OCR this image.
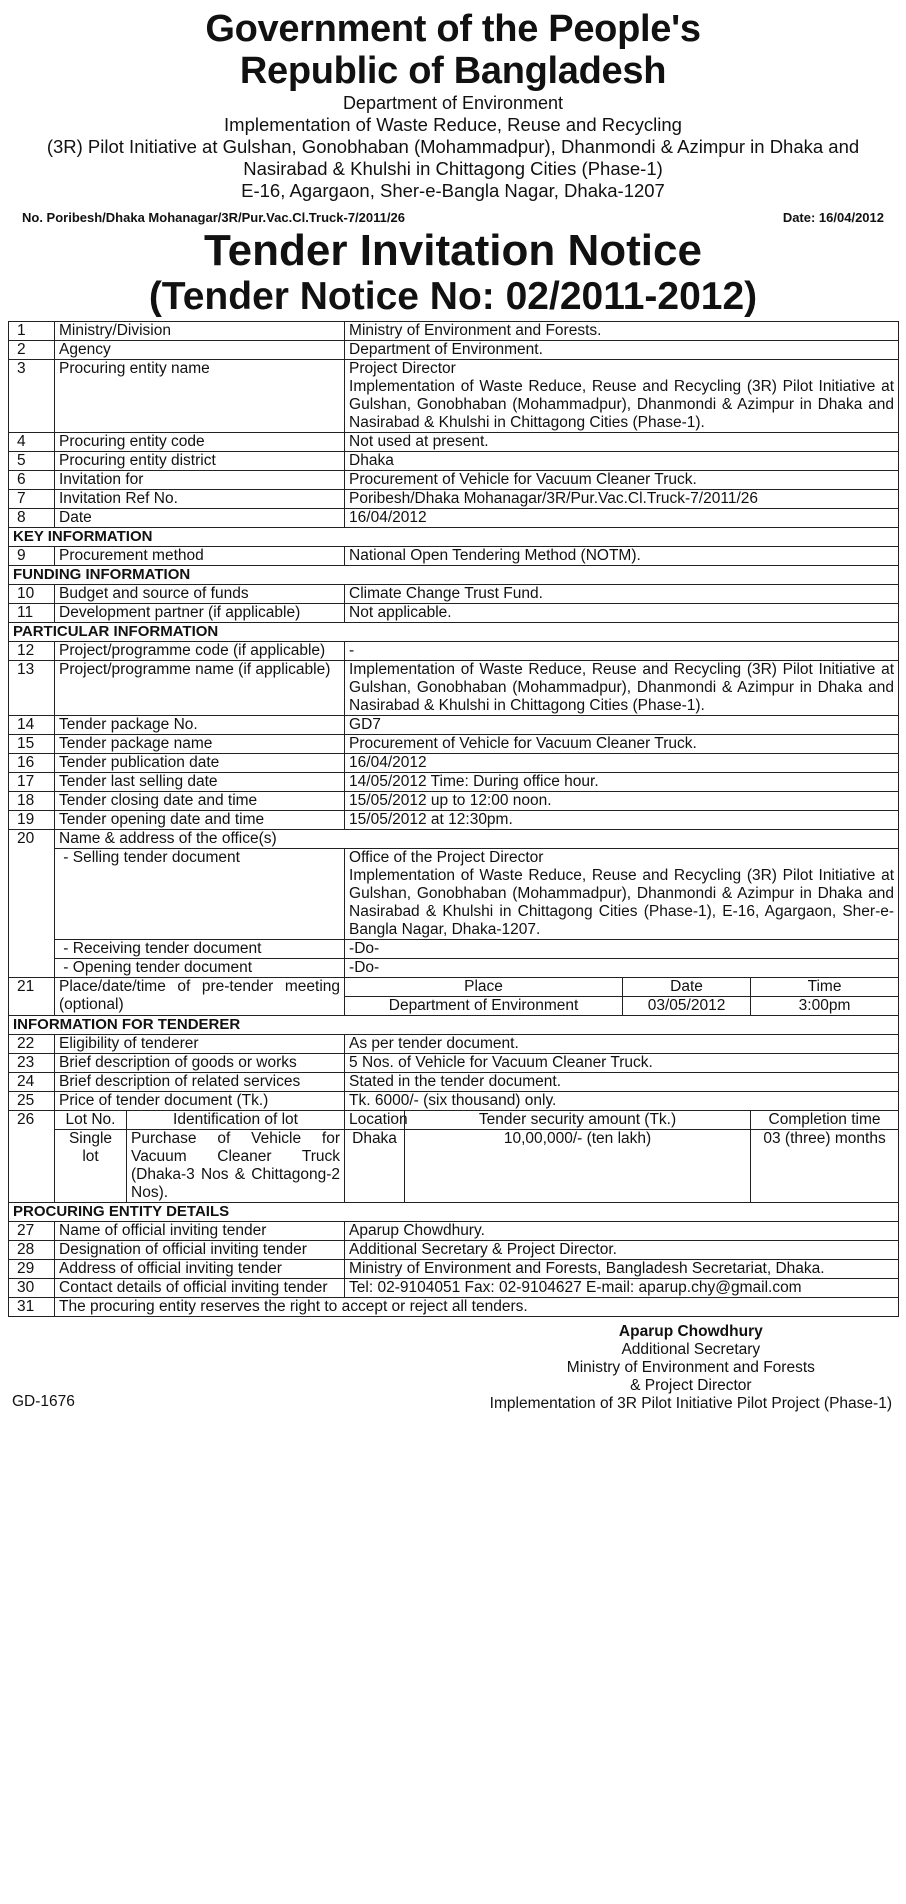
Government of the People's
Republic of Bangladesh
Department of Environment
Implementation of Waste Reduce, Reuse and Recycling
(3R) Pilot Initiative at Gulshan, Gonobhaban (Mohammadpur), Dhanmondi & Azimpur in Dhaka and
Nasirabad & Khulshi in Chittagong Cities (Phase-1)
E-16, Agargaon, Sher-e-Bangla Nagar, Dhaka-1207
No. Poribesh/Dhaka Mohanagar/3R/Pur.Vac.Cl.Truck-7/2011/26	Date: 16/04/2012
Tender Invitation Notice
(Tender Notice No: 02/2011-2012)
1	Ministry/Division		Ministry of Environment and Forests.			
2	Agency		Department of Environment.			
3	Procuring entity name		Project Director
Implementation of Waste Reduce, Reuse and Recycling (3R) Pilot Initiative at Gulshan, Gonobhaban (Mohammadpur), Dhanmondi & Azimpur in Dhaka and Nasirabad & Khulshi in Chittagong Cities (Phase-1).			

4	Procuring entity code		Not used at present.			
5	Procuring entity district		Dhaka			
6	Invitation for		Procurement of Vehicle for Vacuum Cleaner Truck.			
7	Invitation Ref No.		Poribesh/Dhaka Mohanagar/3R/Pur.Vac.Cl.Truck-7/2011/26			
8	Date		16/04/2012			
KEY INFORMATION						
9	Procurement method		National Open Tendering Method (NOTM).			
FUNDING INFORMATION						
10	Budget and source of funds		Climate Change Trust Fund.			
11	Development partner (if applicable)		Not applicable.			
PARTICULAR INFORMATION						
12	Project/programme code (if applicable)		-			
13	Project/programme name (if applicable)		Implementation of Waste Reduce, Reuse and Recycling (3R) Pilot Initiative at Gulshan, Gonobhaban (Mohammadpur), Dhanmondi & Azimpur in Dhaka and Nasirabad & Khulshi in Chittagong Cities (Phase-1).			
14	Tender package No.		GD7			
15	Tender package name		Procurement of Vehicle for Vacuum Cleaner Truck.			
16	Tender publication date		16/04/2012			
17	Tender last selling date		14/05/2012 Time: During office hour.			
18	Tender closing date and time		15/05/2012 up to 12:00 noon.			
19	Tender opening date and time		15/05/2012 at 12:30pm.			
20	Name & address of the office(s)					
	- Selling tender document		Office of the Project Director
Implementation of Waste Reduce, Reuse and Recycling (3R) Pilot Initiative at Gulshan, Gonobhaban (Mohammadpur), Dhanmondi & Azimpur in Dhaka and Nasirabad & Khulshi in Chittagong Cities (Phase-1), E-16, Agargaon, Sher-e-Bangla Nagar, Dhaka-1207.			

	- Receiving tender document		-Do-			
	- Opening tender document		-Do-			
21	Place/date/time of pre-tender meeting (optional)		Place		Date	Time
			Department of Environment		03/05/2012	3:00pm
INFORMATION FOR TENDERER						
22	Eligibility of tenderer		As per tender document.			
23	Brief description of goods or works		5 Nos. of Vehicle for Vacuum Cleaner Truck.			
24	Brief description of related services		Stated in the tender document.			
25	Price of tender document (Tk.)		Tk. 6000/- (six thousand) only.			
26	Lot No.	Identification of lot	Location	Tender security amount (Tk.)		Completion time
	Single lot	Purchase of Vehicle for Vacuum Cleaner Truck (Dhaka-3 Nos & Chittagong-2 Nos).	Dhaka	10,00,000/- (ten lakh)		03 (three) months
PROCURING ENTITY DETAILS						
27	Name of official inviting tender		Aparup Chowdhury.			
28	Designation of official inviting tender		Additional Secretary & Project Director.			
29	Address of official inviting tender		Ministry of Environment and Forests, Bangladesh Secretariat, Dhaka.			
30	Contact details of official inviting tender		Tel: 02-9104051 Fax: 02-9104627 E-mail: aparup.chy@gmail.com			
31	The procuring entity reserves the right to accept or reject all tenders.					
Aparup Chowdhury
Additional Secretary
Ministry of Environment and Forests
& Project Director
Implementation of 3R Pilot Initiative Pilot Project (Phase-1)
GD-1676
